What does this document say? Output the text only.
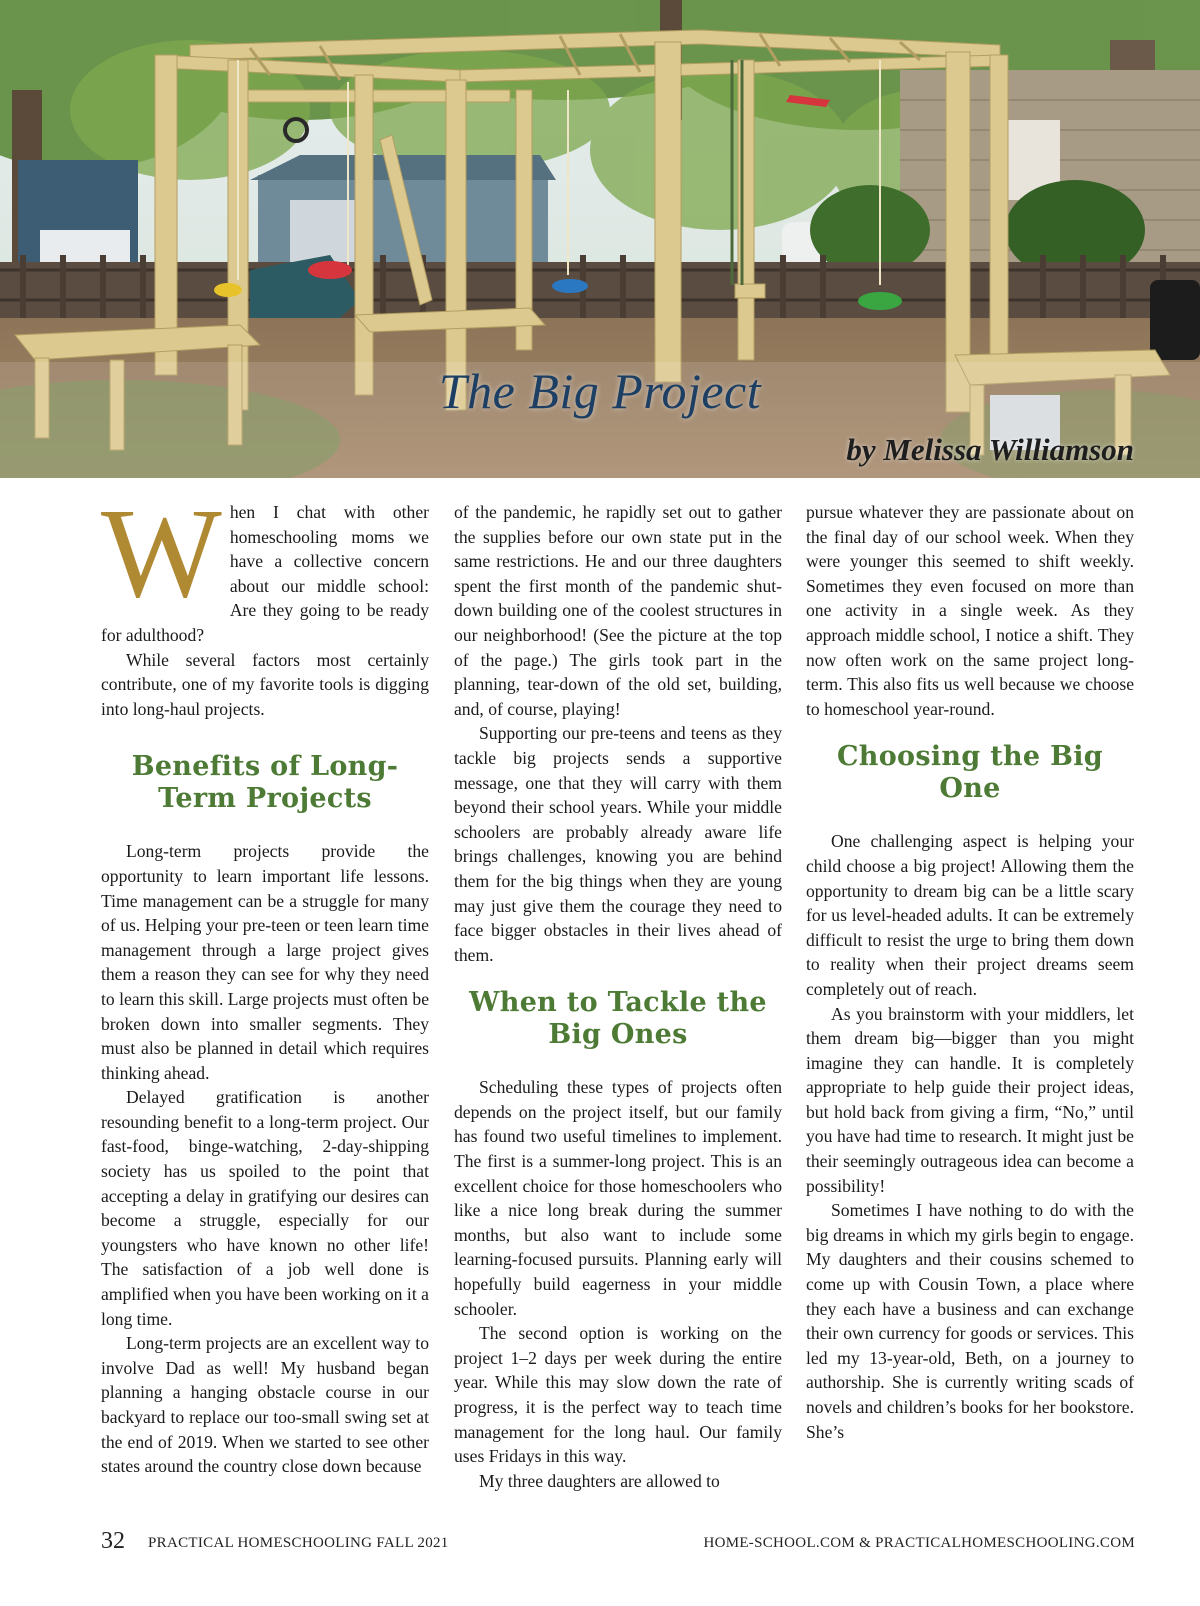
The Big Project
by Melissa Williamson

When I chat with other homeschooling moms we have a collective concern about our middle school: Are they going to be ready for adulthood?

While several factors most certainly contribute, one of my favorite tools is digging into long-haul projects.

Benefits of Long-Term Projects

Long-term projects provide the opportunity to learn important life lessons. Time management can be a struggle for many of us. Helping your pre-teen or teen learn time management through a large project gives them a reason they can see for why they need to learn this skill. Large projects must often be broken down into smaller segments. They must also be planned in detail which requires thinking ahead.

Delayed gratification is another resounding benefit to a long-term project. Our fast-food, binge-watching, 2-day-shipping society has us spoiled to the point that accepting a delay in gratifying our desires can become a struggle, especially for our youngsters who have known no other life! The satisfaction of a job well done is amplified when you have been working on it a long time.

Long-term projects are an excellent way to involve Dad as well! My husband began planning a hanging obstacle course in our backyard to replace our too-small swing set at the end of 2019. When we started to see other states around the country close down because

of the pandemic, he rapidly set out to gather the supplies before our own state put in the same restrictions. He and our three daughters spent the first month of the pandemic shut-down building one of the coolest structures in our neighborhood! (See the picture at the top of the page.) The girls took part in the planning, tear-down of the old set, building, and, of course, playing!

Supporting our pre-teens and teens as they tackle big projects sends a supportive message, one that they will carry with them beyond their school years. While your middle schoolers are probably already aware life brings challenges, knowing you are behind them for the big things when they are young may just give them the courage they need to face bigger obstacles in their lives ahead of them.

When to Tackle the Big Ones

Scheduling these types of projects often depends on the project itself, but our family has found two useful timelines to implement. The first is a summer-long project. This is an excellent choice for those homeschoolers who like a nice long break during the summer months, but also want to include some learning-focused pursuits. Planning early will hopefully build eagerness in your middle schooler.

The second option is working on the project 1–2 days per week during the entire year. While this may slow down the rate of progress, it is the perfect way to teach time management for the long haul. Our family uses Fridays in this way.

My three daughters are allowed to

pursue whatever they are passionate about on the final day of our school week. When they were younger this seemed to shift weekly. Sometimes they even focused on more than one activity in a single week. As they approach middle school, I notice a shift. They now often work on the same project long-term. This also fits us well because we choose to homeschool year-round.

Choosing the Big One

One challenging aspect is helping your child choose a big project! Allowing them the opportunity to dream big can be a little scary for us level-headed adults. It can be extremely difficult to resist the urge to bring them down to reality when their project dreams seem completely out of reach.

As you brainstorm with your middlers, let them dream big—bigger than you might imagine they can handle. It is completely appropriate to help guide their project ideas, but hold back from giving a firm, “No,” until you have had time to research. It might just be their seemingly outrageous idea can become a possibility!

Sometimes I have nothing to do with the big dreams in which my girls begin to engage. My daughters and their cousins schemed to come up with Cousin Town, a place where they each have a business and can exchange their own currency for goods or services. This led my 13-year-old, Beth, on a journey to authorship. She is currently writing scads of novels and children’s books for her bookstore. She’s

32 PRACTICAL HOMESCHOOLING FALL 2021	HOME-SCHOOL.COM & PRACTICALHOMESCHOOLING.COM
